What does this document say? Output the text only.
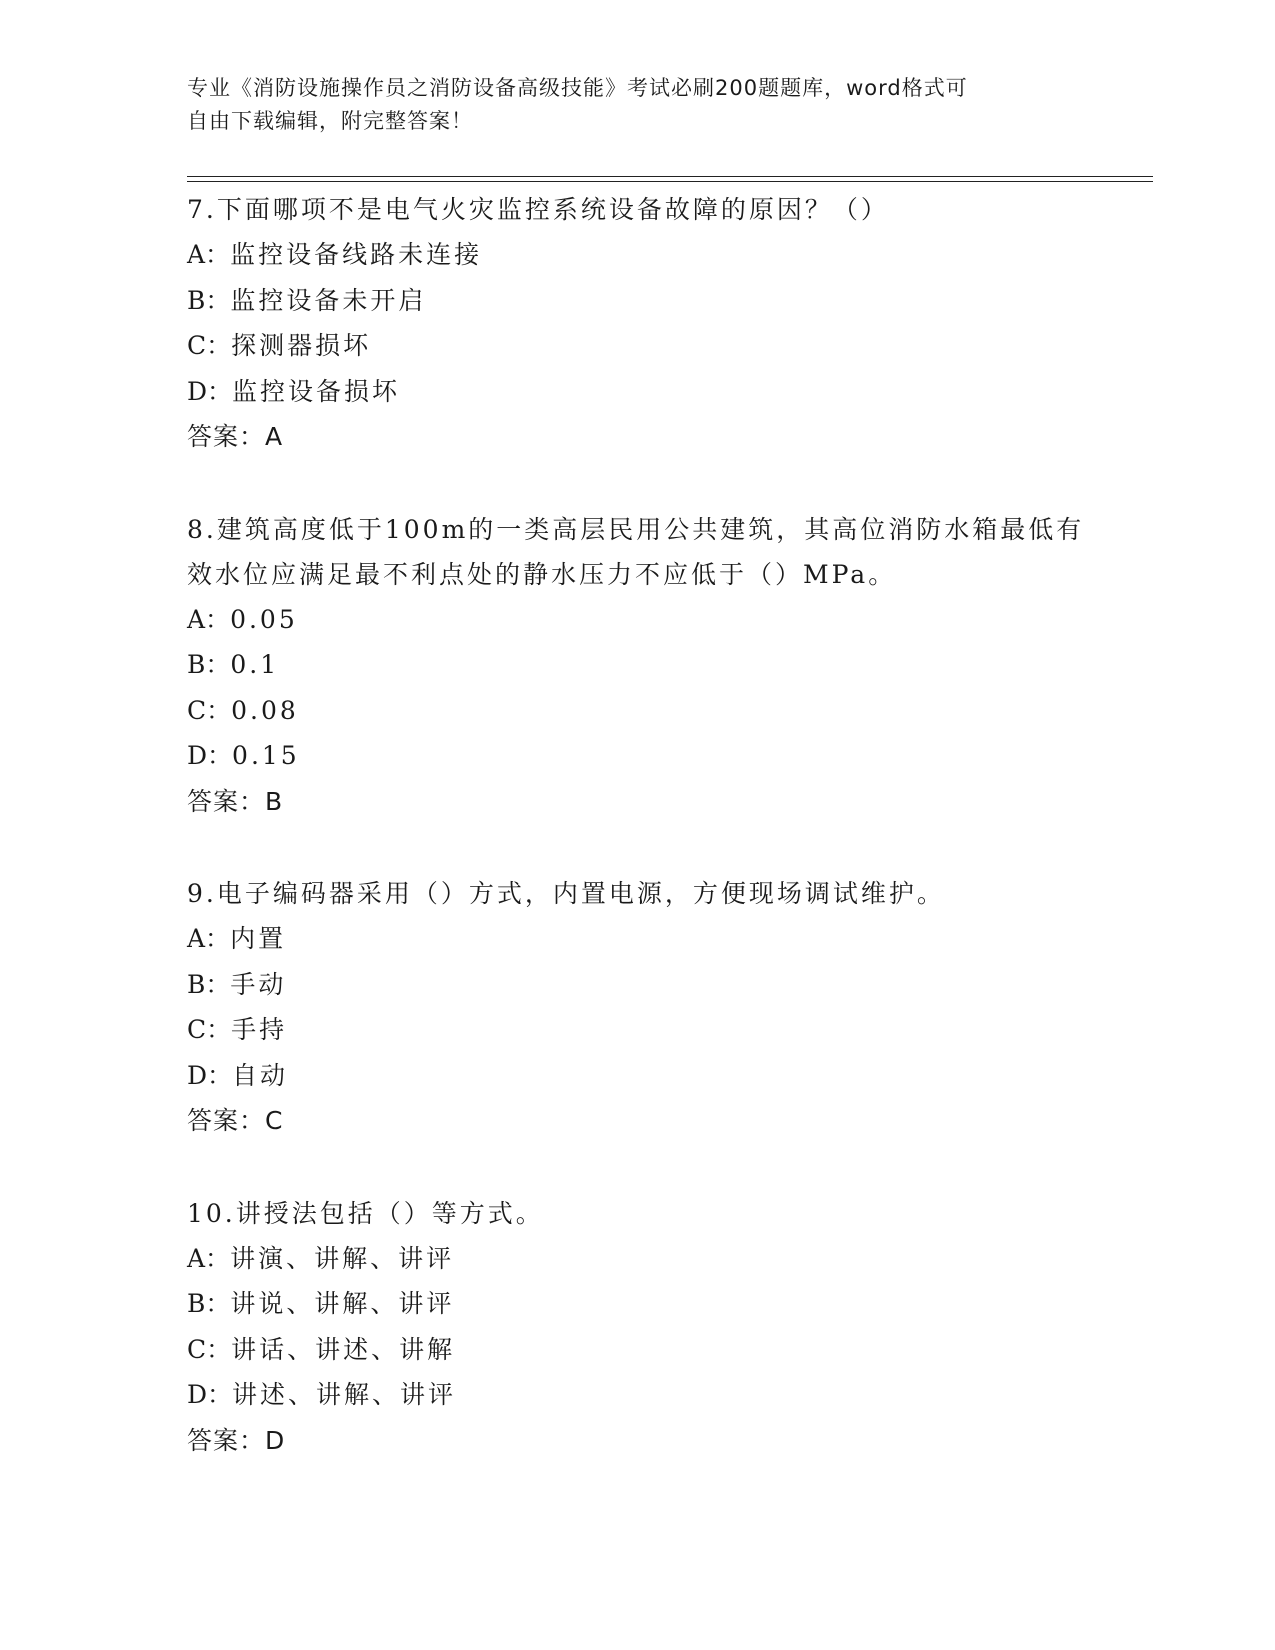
专业《消防设施操作员之消防设备高级技能》考试必刷200题题库，word格式可
自由下载编辑，附完整答案！
7.下面哪项不是电气火灾监控系统设备故障的原因？（）
A：监控设备线路未连接
B：监控设备未开启
C：探测器损坏
D：监控设备损坏
答案：A
8.建筑高度低于100m的一类高层民用公共建筑，其高位消防水箱最低有效水位应满足最不利点处的静水压力不应低于（）MPa。
A：0.05
B：0.1
C：0.08
D：0.15
答案：B
9.电子编码器采用（）方式，内置电源，方便现场调试维护。
A：内置
B：手动
C：手持
D：自动
答案：C
10.讲授法包括（）等方式。
A：讲演、讲解、讲评
B：讲说、讲解、讲评
C：讲话、讲述、讲解
D：讲述、讲解、讲评
答案：D
